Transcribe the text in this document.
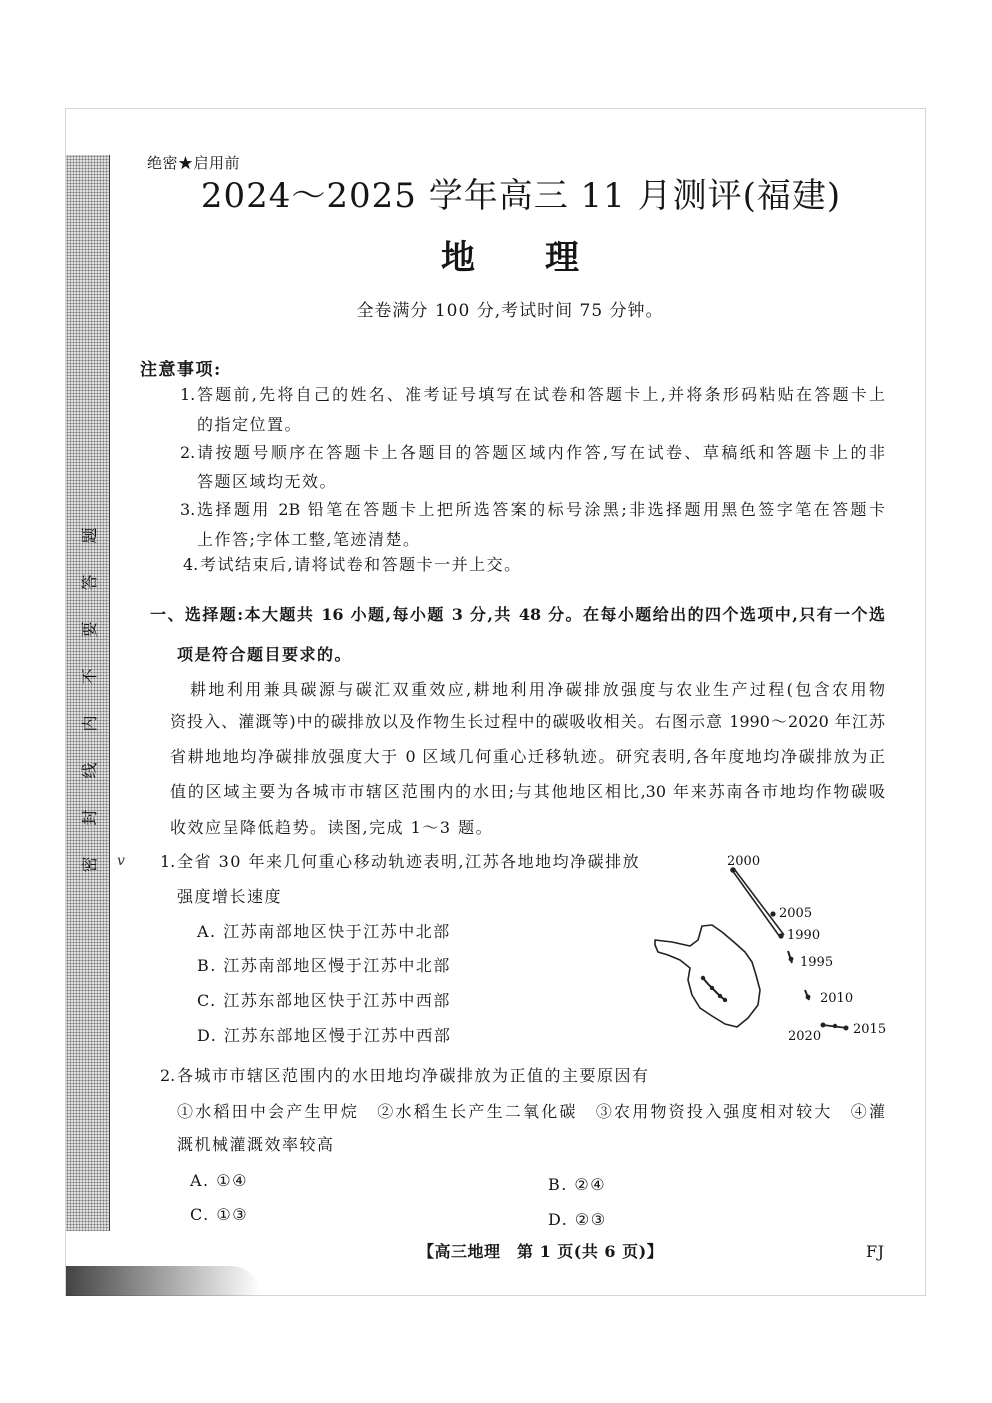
密封线内不要答题
绝密★启用前
2024～2025 学年高三 11 月测评(福建)
地　理
全卷满分 100 分,考试时间 75 分钟。
注意事项:
1. 答题前,先将自己的姓名、准考证号填写在试卷和答题卡上,并将条形码粘贴在答题卡上
的指定位置。
2. 请按题号顺序在答题卡上各题目的答题区域内作答,写在试卷、草稿纸和答题卡上的非
答题区域均无效。
3. 选择题用 2B 铅笔在答题卡上把所选答案的标号涂黑;非选择题用黑色签字笔在答题卡
上作答;字体工整,笔迹清楚。
4. 考试结束后,请将试卷和答题卡一并上交。
一、选择题:本大题共 16 小题,每小题 3 分,共 48 分。在每小题给出的四个选项中,只有一个选
项是符合题目要求的。
耕地利用兼具碳源与碳汇双重效应,耕地利用净碳排放强度与农业生产过程(包含农用物
资投入、灌溉等)中的碳排放以及作物生长过程中的碳吸收相关。右图示意 1990～2020 年江苏
省耕地地均净碳排放强度大于 0 区域几何重心迁移轨迹。研究表明,各年度地均净碳排放为正
值的区域主要为各城市市辖区范围内的水田;与其他地区相比,30 年来苏南各市地均作物碳吸
收效应呈降低趋势。读图,完成 1～3 题。
v 1. 全省 30 年来几何重心移动轨迹表明,江苏各地地均净碳排放
强度增长速度
A. 江苏南部地区快于江苏中北部
B. 江苏南部地区慢于江苏中北部
C. 江苏东部地区快于江苏中西部
D. 江苏东部地区慢于江苏中西部
2. 各城市市辖区范围内的水田地均净碳排放为正值的主要原因有
①水稻田中会产生甲烷　②水稻生长产生二氧化碳　③农用物资投入强度相对较大　④灌
溉机械灌溉效率较高
A. ①④	B. ②④
C. ①③	D. ②③
2000
2005
1990
1995
2010
2020 2015
【高三地理　第 1 页(共 6 页)】	FJ
